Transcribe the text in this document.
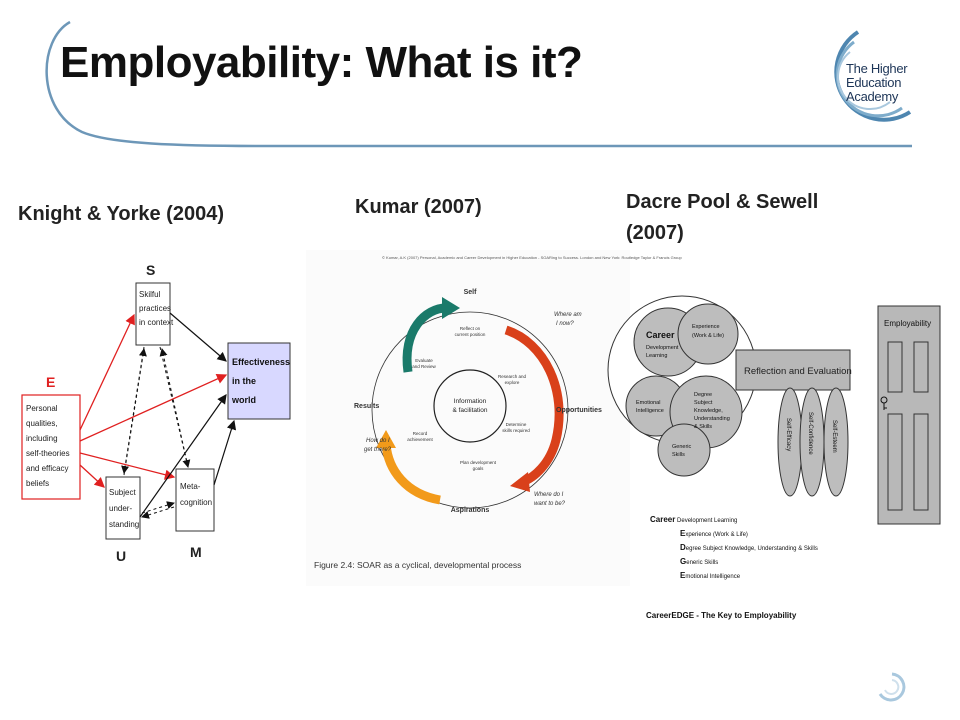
Employability: What is it?	The Higher
Education
Academy
Knight & Yorke (2004)	Kumar (2007)	Dacre Pool & Sewell
(2007)
S
E
U	M
Skilful
practices
in context
Personal
qualities,
including
self-theories
and efficacy
beliefs
Subject
under-
standing
Meta-
cognition
Effectiveness
in the
world
© Kumar, A.K (2007) Personal, Academic and Career Development in Higher Education - SOARing to Success. London and New York: Routledge Taylor & Francis Group
Information
& facilitation
Self
Opportunities
Aspirations
Results
Where am
I now?
Where do I
want to be?
How do I
get there?
Reflect on
current position
Research and
explore
Determine
skills required
Plan development
goals
Record
achievement
Evaluate
and Review
Figure 2.4: SOAR as a cyclical, developmental process
Reflection and Evaluation
Career
Development
Learning
Experience
(Work & Life)
Emotional
Intelligence
Degree
Subject
Knowledge,
Understanding
& Skills
Generic
Skills
Self-Efficacy	Self-Confidence	Self-Esteem
Employability
Career Development Learning
Experience (Work & Life)
Degree Subject Knowledge, Understanding & Skills
Generic Skills
Emotional Intelligence
CareerEDGE - The Key to Employability
